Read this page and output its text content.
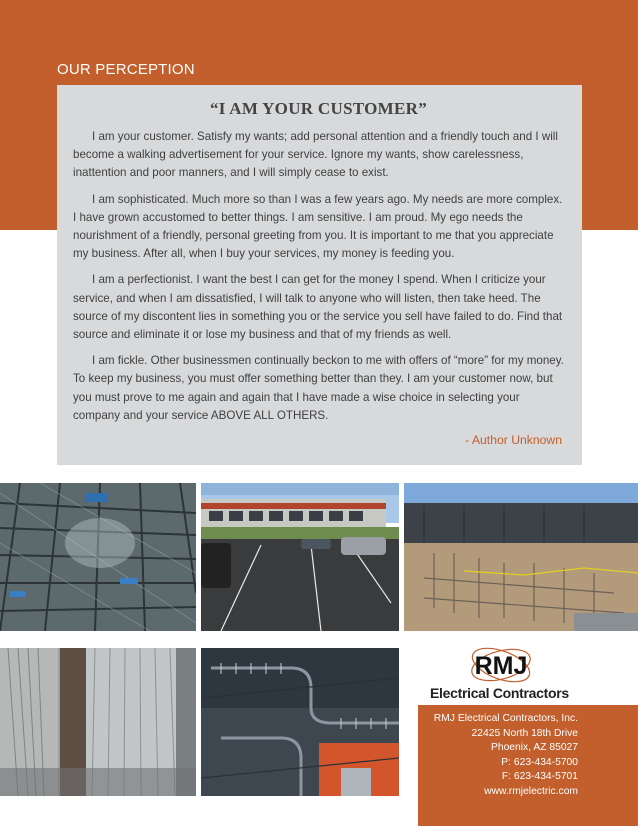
OUR PERCEPTION
“I AM YOUR CUSTOMER”

I am your customer. Satisfy my wants; add personal attention and a friendly touch and I will become a walking advertisement for your service. Ignore my wants, show carelessness, inattention and poor manners, and I will simply cease to exist.

I am sophisticated. Much more so than I was a few years ago. My needs are more complex. I have grown accustomed to better things. I am sensitive. I am proud. My ego needs the nourishment of a friendly, personal greeting from you. It is important to me that you appreciate my business. After all, when I buy your services, my money is feeding you.

I am a perfectionist. I want the best I can get for the money I spend. When I criticize your service, and when I am dissatisfied, I will talk to anyone who will listen, then take heed. The source of my discontent lies in something you or the service you sell have failed to do. Find that source and eliminate it or lose my business and that of my friends as well.

I am fickle. Other businessmen continually beckon to me with offers of “more” for my money. To keep my business, you must offer something better than they. I am your customer now, but you must prove to me again and again that I have made a wise choice in selecting your company and your service ABOVE ALL OTHERS.

- Author Unknown
RMJ
Electrical Contractors
RMJ Electrical Contractors, Inc.
22425 North 18th Drive
Phoenix, AZ 85027
P: 623-434-5700
F: 623-434-5701
www.rmjelectric.com
